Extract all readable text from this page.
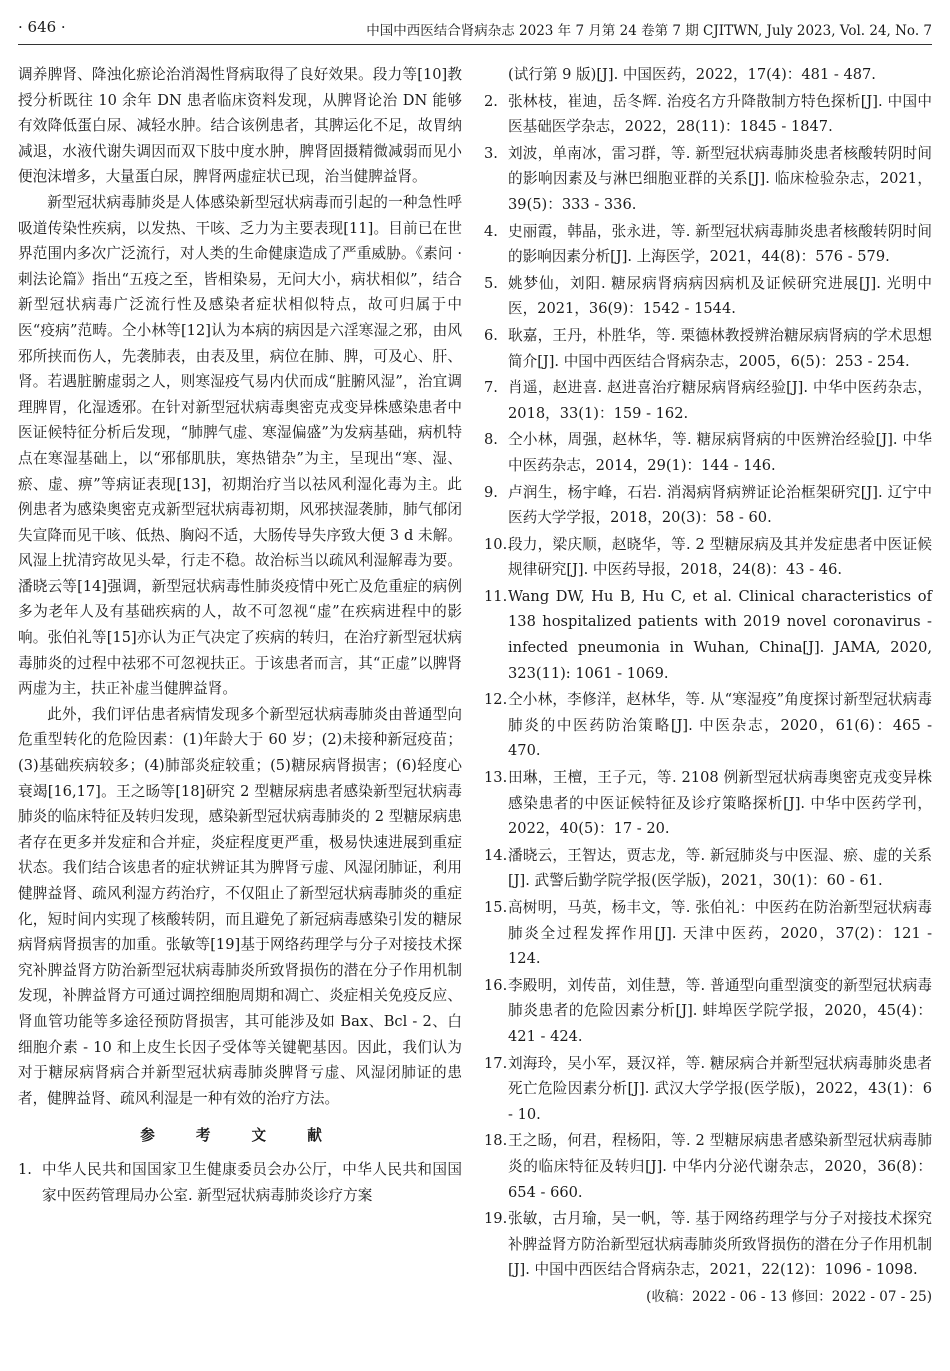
· 646 ·	中国中西医结合肾病杂志 2023 年 7 月第 24 卷第 7 期 CJITWN, July 2023, Vol. 24, No. 7

调养脾肾、降浊化瘀论治消渴性肾病取得了良好效果。段力等[10]教授分析既往 10 余年 DN 患者临床资料发现，从脾肾论治 DN 能够有效降低蛋白尿、减轻水肿。结合该例患者，其脾运化不足，故胃纳减退，水液代谢失调因而双下肢中度水肿，脾肾固摄精微减弱而见小便泡沫增多，大量蛋白尿，脾肾两虚症状已现，治当健脾益肾。

新型冠状病毒肺炎是人体感染新型冠状病毒而引起的一种急性呼吸道传染性疾病，以发热、干咳、乏力为主要表现[11]。目前已在世界范围内多次广泛流行，对人类的生命健康造成了严重威胁。《素问 · 刺法论篇》指出“五疫之至，皆相染易，无问大小，病状相似”，结合新型冠状病毒广泛流行性及感染者症状相似特点，故可归属于中医“疫病”范畴。仝小林等[12]认为本病的病因是六淫寒湿之邪，由风邪所挟而伤人，先袭肺表，由表及里，病位在肺、脾，可及心、肝、肾。若遇脏腑虚弱之人，则寒湿疫气易内伏而成“脏腑风湿”，治宜调理脾胃，化湿透邪。在针对新型冠状病毒奥密克戎变异株感染患者中医证候特征分析后发现，“肺脾气虚、寒湿偏盛”为发病基础，病机特点在寒湿基础上，以“邪郁肌肤，寒热错杂”为主，呈现出“寒、湿、瘀、虚、痹”等病证表现[13]，初期治疗当以祛风利湿化毒为主。此例患者为感染奥密克戎新型冠状病毒初期，风邪挟湿袭肺，肺气郁闭失宣降而见干咳、低热、胸闷不适，大肠传导失序致大便 3 d 未解。风湿上扰清窍故见头晕，行走不稳。故治标当以疏风利湿解毒为要。潘晓云等[14]强调，新型冠状病毒性肺炎疫情中死亡及危重症的病例多为老年人及有基础疾病的人，故不可忽视“虚”在疾病进程中的影响。张伯礼等[15]亦认为正气决定了疾病的转归，在治疗新型冠状病毒肺炎的过程中祛邪不可忽视扶正。于该患者而言，其“正虚”以脾肾两虚为主，扶正补虚当健脾益肾。

此外，我们评估患者病情发现多个新型冠状病毒肺炎由普通型向危重型转化的危险因素：(1)年龄大于 60 岁；(2)未接种新冠疫苗；(3)基础疾病较多；(4)肺部炎症较重；(5)糖尿病肾损害；(6)轻度心衰竭[16,17]。王之旸等[18]研究 2 型糖尿病患者感染新型冠状病毒肺炎的临床特征及转归发现，感染新型冠状病毒肺炎的 2 型糖尿病患者存在更多并发症和合并症，炎症程度更严重，极易快速进展到重症状态。我们结合该患者的症状辨证其为脾肾亏虚、风湿闭肺证，利用健脾益肾、疏风利湿方药治疗，不仅阻止了新型冠状病毒肺炎的重症化，短时间内实现了核酸转阴，而且避免了新冠病毒感染引发的糖尿病肾病肾损害的加重。张敏等[19]基于网络药理学与分子对接技术探究补脾益肾方防治新型冠状病毒肺炎所致肾损伤的潜在分子作用机制发现，补脾益肾方可通过调控细胞周期和凋亡、炎症相关免疫反应、肾血管功能等多途径预防肾损害，其可能涉及如 Bax、Bcl - 2、白细胞介素 - 10 和上皮生长因子受体等关键靶基因。因此，我们认为对于糖尿病肾病合并新型冠状病毒肺炎脾肾亏虚、风湿闭肺证的患者，健脾益肾、疏风利湿是一种有效的治疗方法。

参 考 文 献
1. 中华人民共和国国家卫生健康委员会办公厅，中华人民共和国国家中医药管理局办公室. 新型冠状病毒肺炎诊疗方案
(试行第 9 版)[J]. 中国医药，2022，17(4)：481 - 487.
2. 张林枝，崔迪，岳冬辉. 治疫名方升降散制方特色探析[J]. 中国中医基础医学杂志，2022，28(11)：1845 - 1847.
3. 刘波，单南冰，雷习群，等. 新型冠状病毒肺炎患者核酸转阴时间的影响因素及与淋巴细胞亚群的关系[J]. 临床检验杂志，2021，39(5)：333 - 336.
4. 史丽霞，韩晶，张永进，等. 新型冠状病毒肺炎患者核酸转阴时间的影响因素分析[J]. 上海医学，2021，44(8)：576 - 579.
5. 姚梦仙，刘阳. 糖尿病肾病病因病机及证候研究进展[J]. 光明中医，2021，36(9)：1542 - 1544.
6. 耿嘉，王丹，朴胜华，等. 栗德林教授辨治糖尿病肾病的学术思想简介[J]. 中国中西医结合肾病杂志，2005，6(5)：253 - 254.
7. 肖遥，赵进喜. 赵进喜治疗糖尿病肾病经验[J]. 中华中医药杂志，2018，33(1)：159 - 162.
8. 仝小林，周强，赵林华，等. 糖尿病肾病的中医辨治经验[J]. 中华中医药杂志，2014，29(1)：144 - 146.
9. 卢润生，杨宇峰，石岩. 消渴病肾病辨证论治框架研究[J]. 辽宁中医药大学学报，2018，20(3)：58 - 60.
10. 段力，梁庆顺，赵晓华，等. 2 型糖尿病及其并发症患者中医证候规律研究[J]. 中医药导报，2018，24(8)：43 - 46.
11. Wang DW, Hu B, Hu C, et al. Clinical characteristics of 138 hospitalized patients with 2019 novel coronavirus - infected pneumonia in Wuhan, China[J]. JAMA, 2020, 323(11): 1061 - 1069.
12. 仝小林，李修洋，赵林华，等. 从“寒湿疫”角度探讨新型冠状病毒肺炎的中医药防治策略[J]. 中医杂志，2020，61(6)：465 - 470.
13. 田琳，王檀，王子元，等. 2108 例新型冠状病毒奥密克戎变异株感染患者的中医证候特征及诊疗策略探析[J]. 中华中医药学刊，2022，40(5)：17 - 20.
14. 潘晓云，王智达，贾志龙，等. 新冠肺炎与中医湿、瘀、虚的关系[J]. 武警后勤学院学报(医学版)，2021，30(1)：60 - 61.
15. 高树明，马英，杨丰文，等. 张伯礼：中医药在防治新型冠状病毒肺炎全过程发挥作用[J]. 天津中医药，2020，37(2)：121 - 124.
16. 李殿明，刘传苗，刘佳慧，等. 普通型向重型演变的新型冠状病毒肺炎患者的危险因素分析[J]. 蚌埠医学院学报，2020，45(4)：421 - 424.
17. 刘海玲，吴小军，聂汉祥，等. 糖尿病合并新型冠状病毒肺炎患者死亡危险因素分析[J]. 武汉大学学报(医学版)，2022，43(1)：6 - 10.
18. 王之旸，何君，程杨阳，等. 2 型糖尿病患者感染新型冠状病毒肺炎的临床特征及转归[J]. 中华内分泌代谢杂志，2020，36(8)：654 - 660.
19. 张敏，古月瑜，吴一帆，等. 基于网络药理学与分子对接技术探究补脾益肾方防治新型冠状病毒肺炎所致肾损伤的潜在分子作用机制[J]. 中国中西医结合肾病杂志，2021，22(12)：1096 - 1098.
(收稿：2022 - 06 - 13 修回：2022 - 07 - 25)
